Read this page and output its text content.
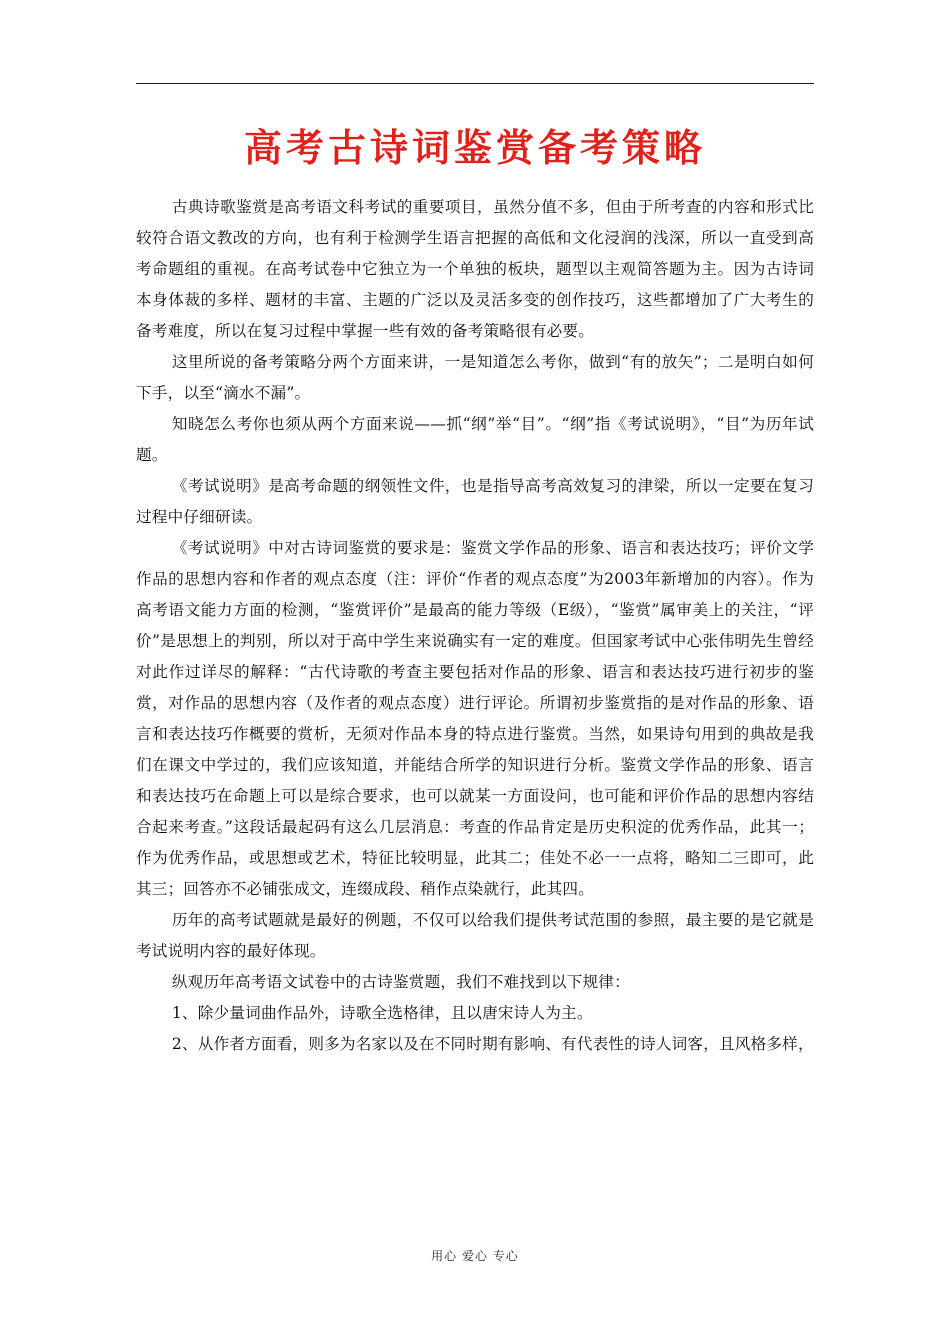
高考古诗词鉴赏备考策略

古典诗歌鉴赏是高考语文科考试的重要项目，虽然分值不多，但由于所考查的内容和形式比较符合语文教改的方向，也有利于检测学生语言把握的高低和文化浸润的浅深，所以一直受到高考命题组的重视。在高考试卷中它独立为一个单独的板块，题型以主观简答题为主。因为古诗词本身体裁的多样、题材的丰富、主题的广泛以及灵活多变的创作技巧，这些都增加了广大考生的备考难度，所以在复习过程中掌握一些有效的备考策略很有必要。

这里所说的备考策略分两个方面来讲，一是知道怎么考你，做到“有的放矢”；二是明白如何下手，以至“滴水不漏”。

知晓怎么考你也须从两个方面来说——抓“纲”举“目”。“纲”指《考试说明》，“目”为历年试题。

《考试说明》是高考命题的纲领性文件，也是指导高考高效复习的津梁，所以一定要在复习过程中仔细研读。

《考试说明》中对古诗词鉴赏的要求是：鉴赏文学作品的形象、语言和表达技巧；评价文学作品的思想内容和作者的观点态度（注：评价“作者的观点态度”为2003年新增加的内容）。作为高考语文能力方面的检测，“鉴赏评价”是最高的能力等级（E级），“鉴赏”属审美上的关注，“评价”是思想上的判别，所以对于高中学生来说确实有一定的难度。但国家考试中心张伟明先生曾经对此作过详尽的解释：“古代诗歌的考查主要包括对作品的形象、语言和表达技巧进行初步的鉴赏，对作品的思想内容（及作者的观点态度）进行评论。所谓初步鉴赏指的是对作品的形象、语言和表达技巧作概要的赏析，无须对作品本身的特点进行鉴赏。当然，如果诗句用到的典故是我们在课文中学过的，我们应该知道，并能结合所学的知识进行分析。鉴赏文学作品的形象、语言和表达技巧在命题上可以是综合要求，也可以就某一方面设问，也可能和评价作品的思想内容结合起来考查。”这段话最起码有这么几层消息：考查的作品肯定是历史积淀的优秀作品，此其一；作为优秀作品，或思想或艺术，特征比较明显，此其二；佳处不必一一点将，略知二三即可，此其三；回答亦不必铺张成文，连缀成段、稍作点染就行，此其四。

历年的高考试题就是最好的例题，不仅可以给我们提供考试范围的参照，最主要的是它就是考试说明内容的最好体现。

纵观历年高考语文试卷中的古诗鉴赏题，我们不难找到以下规律：

1、除少量词曲作品外，诗歌全选格律，且以唐宋诗人为主。

2、从作者方面看，则多为名家以及在不同时期有影响、有代表性的诗人词客，且风格多样，

用心 爱心 专心
